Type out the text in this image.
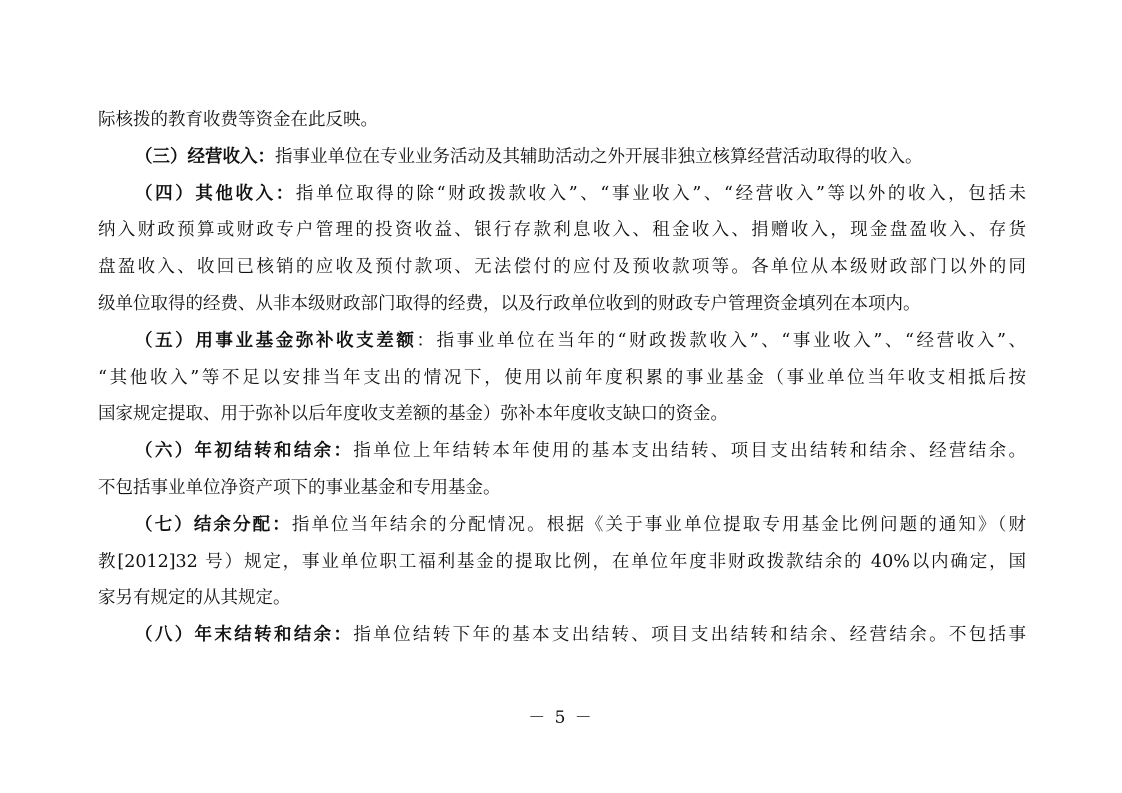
际核拨的教育收费等资金在此反映。
（三）经营收入：指事业单位在专业业务活动及其辅助活动之外开展非独立核算经营活动取得的收入。
（四）其他收入：指单位取得的除“财政拨款收入”、“事业收入”、“经营收入”等以外的收入，包括未
纳入财政预算或财政专户管理的投资收益、银行存款利息收入、租金收入、捐赠收入，现金盘盈收入、存货
盘盈收入、收回已核销的应收及预付款项、无法偿付的应付及预收款项等。各单位从本级财政部门以外的同
级单位取得的经费、从非本级财政部门取得的经费，以及行政单位收到的财政专户管理资金填列在本项内。
（五）用事业基金弥补收支差额：指事业单位在当年的“财政拨款收入”、“事业收入”、“经营收入”、
“其他收入”等不足以安排当年支出的情况下，使用以前年度积累的事业基金（事业单位当年收支相抵后按
国家规定提取、用于弥补以后年度收支差额的基金）弥补本年度收支缺口的资金。
（六）年初结转和结余：指单位上年结转本年使用的基本支出结转、项目支出结转和结余、经营结余。
不包括事业单位净资产项下的事业基金和专用基金。
（七）结余分配：指单位当年结余的分配情况。根据《关于事业单位提取专用基金比例问题的通知》（财
教[2012]32 号）规定，事业单位职工福利基金的提取比例，在单位年度非财政拨款结余的 40%以内确定，国
家另有规定的从其规定。
（八）年末结转和结余：指单位结转下年的基本支出结转、项目支出结转和结余、经营结余。不包括事
－ 5 －
